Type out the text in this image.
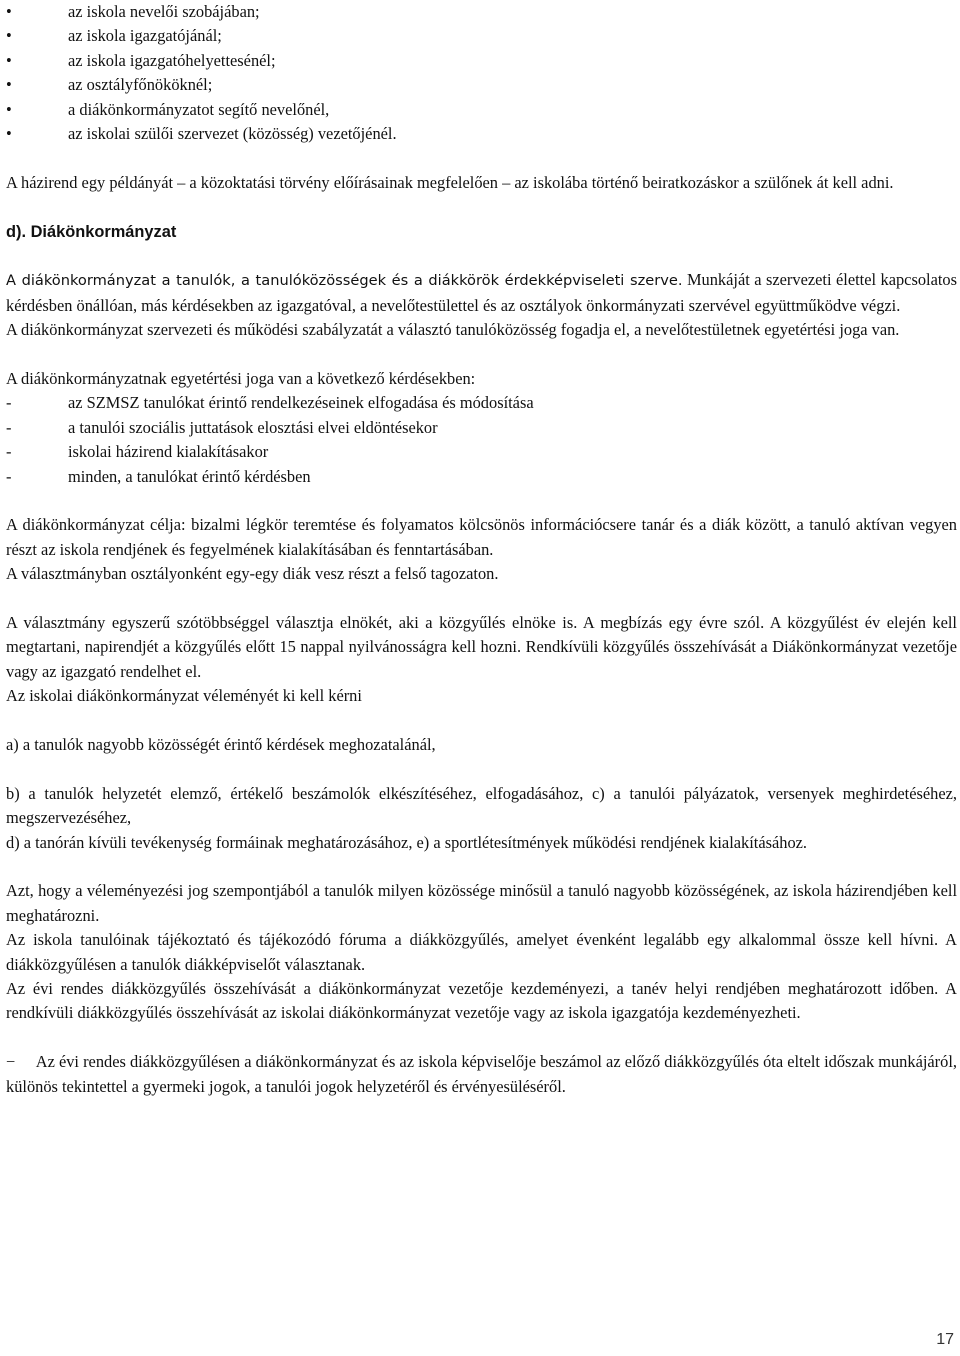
•	az iskola nevelői szobájában;
•	az iskola igazgatójánál;
•	az iskola igazgatóhelyettesénél;
•	az osztályfőnököknél;
•	a diákönkormányzatot segítő nevelőnél,
•	az iskolai szülői szervezet (közösség) vezetőjénél.

A házirend egy példányát – a közoktatási törvény előírásainak megfelelően – az iskolába történő beiratkozáskor a szülőnek át kell adni.

d). Diákönkormányzat

A diákönkormányzat a tanulók, a tanulóközösségek és a diákkörök érdekképviseleti szerve. Munkáját a szervezeti élettel kapcsolatos kérdésben önállóan, más kérdésekben az igazgatóval, a nevelőtestülettel és az osztályok önkormányzati szervével együttműködve végzi.

A diákönkormányzat szervezeti és működési szabályzatát a választó tanulóközösség fogadja el, a nevelőtestületnek egyetértési joga van.

A diákönkormányzatnak egyetértési joga van a következő kérdésekben:

-	az SZMSZ tanulókat érintő rendelkezéseinek elfogadása és módosítása
-	a tanulói szociális juttatások elosztási elvei eldöntésekor
-	iskolai házirend kialakításakor
-	minden, a tanulókat érintő kérdésben

A diákönkormányzat célja: bizalmi légkör teremtése és folyamatos kölcsönös információcsere tanár és a diák között, a tanuló aktívan vegyen részt az iskola rendjének és fegyelmének kialakításában és fenntartásában.

A választmányban osztályonként egy-egy diák vesz részt a felső tagozaton.

A választmány egyszerű szótöbbséggel választja elnökét, aki a közgyűlés elnöke is. A megbízás egy évre szól. A közgyűlést év elején kell megtartani, napirendjét a közgyűlés előtt 15 nappal nyilvánosságra kell hozni. Rendkívüli közgyűlés összehívását a Diákönkormányzat vezetője vagy az igazgató rendelhet el.

Az iskolai diákönkormányzat véleményét ki kell kérni

a) a tanulók nagyobb közösségét érintő kérdések meghozatalánál,

b) a tanulók helyzetét elemző, értékelő beszámolók elkészítéséhez, elfogadásához, c) a tanulói pályázatok, versenyek meghirdetéséhez, megszervezéséhez,

d) a tanórán kívüli tevékenység formáinak meghatározásához, e) a sportlétesítmények működési rendjének kialakításához.

Azt, hogy a véleményezési jog szempontjából a tanulók milyen közössége minősül a tanuló nagyobb közösségének, az iskola házirendjében kell meghatározni.

Az iskola tanulóinak tájékoztató és tájékozódó fóruma a diákközgyűlés, amelyet évenként legalább egy alkalommal össze kell hívni. A diákközgyűlésen a tanulók diákképviselőt választanak.

Az évi rendes diákközgyűlés összehívását a diákönkormányzat vezetője kezdeményezi, a tanév helyi rendjében meghatározott időben. A rendkívüli diákközgyűlés összehívását az iskolai diákönkormányzat vezetője vagy az iskola igazgatója kezdeményezheti.

− Az évi rendes diákközgyűlésen a diákönkormányzat és az iskola képviselője beszámol az előző diákközgyűlés óta eltelt időszak munkájáról, különös tekintettel a gyermeki jogok, a tanulói jogok helyzetéről és érvényesüléséről.

17
